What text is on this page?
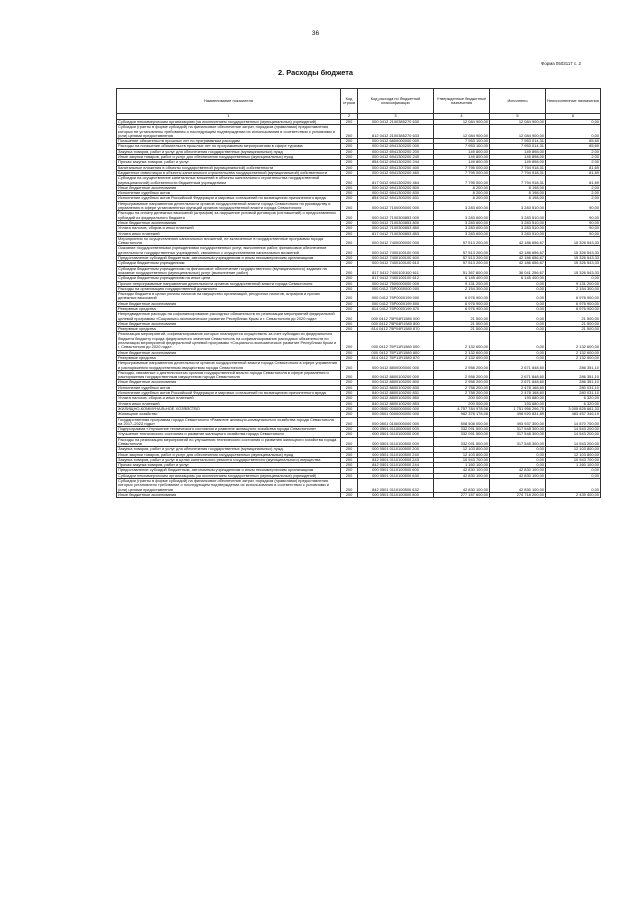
36
Форма 0503117 с. 2
2. Расходы бюджета
Наименование показателя	Код строки	Код расхода по бюджетной классификации	Утвержденные бюджетные назначения	Исполнено	Неисполненные назначения
1	2	3	4	5	6
Субсидии некоммерческим организациям (за исключением государственных (муниципальных) учреждений)	200	000 0412 2100385270 630	12 084 900,00	12 084 900,00	0,00
Субсидии (гранты в форме субсидий) на финансовое обеспечение затрат, порядком (правилами) предоставления которых не установлены требования о последующем подтверждении их использования в соответствии с условиями и (или) целями предоставления	200	812 0412 2100385270 633	12 084 900,00	12 084 900,00	0,00
Погашение обязательств прошлых лет по программным расходам	200	000 0412 6800000000 000	7 953 100,00	7 953 014,31	85,69
Расходы на погашение обязательств прошлых лет по программным мероприятиям в сфере туризма	200	000 0412 6941300200 000	7 953 100,00	7 953 014,31	85,69
Закупка товаров, работ и услуг для обеспечения государственных (муниципальных) нужд	200	000 0412 6941300200 200	149 800,00	149 898,00	2,00
Иные закупки товаров, работ и услуг для обеспечения государственных (муниципальных) нужд	200	000 0412 6941300200 240	149 800,00	149 898,00	2,00
Прочая закупка товаров, работ и услуг	200	854 0412 6941300200 244	149 800,00	149 898,00	2,00
Капитальные вложения в объекты государственной (муниципальной) собственности	200	000 0412 6941300200 400	7 795 000,00	7 794 918,31	81,69
Бюджетные инвестиции в объекты капитального строительства государственной (муниципальной) собственности	200	000 0412 6941300200 460	7 795 000,00	7 794 918,31	81,69
Субсидии на осуществление капитальных вложений в объекты капитального строительства государственной (муниципальной) собственности бюджетным учреждениям	200	817 0412 6941300200 464	7 795 000,00	7 794 918,31	81,69
Иные бюджетные ассигнования	200	000 0412 6941300200 800	8 200,00	8 198,00	2,00
Исполнение судебных актов	200	000 0412 6941300200 830	8 200,00	8 198,00	2,00
Исполнение судебных актов Российской Федерации и мировых соглашений по возмещению причиненного вреда	200	854 0412 6941300200 831	8 200,00	8 198,00	2,00
Непрограммные направления деятельности органов государственной власти города Севастополя по руководству и управлению в сфере установленных функций органов государственной власти города Севастополя	200	000 0412 7100000000 000	3 283 600,00	3 283 510,00	90,00
Расходы на оплату денежных взысканий (штрафов) за нарушение условий договоров (соглашений) о предоставлении субсидий из федерального бюджета	200	000 0412 7100300853 000	3 283 600,00	3 283 510,00	90,00
Иные бюджетные ассигнования	200	000 0412 7100300853 800	3 283 600,00	3 283 510,00	90,00
Уплата налогов, сборов и иных платежей	200	000 0412 7100300853 850	3 283 600,00	3 283 510,00	90,00
Уплата иных платежей	200	817 0412 7100300853 853	3 283 600,00	3 283 510,00	90,00
Мероприятия по осуществлению капитальных вложений, не включенные в государственные программы города Севастополя	200	000 0412 7400000000 000	57 513 200,00	42 186 656,67	15 326 543,33
Оказание государственными учреждениями государственных услуг, выполнение работ, финансовое обеспечение деятельности государственных учреждений, связанных с осуществлением капитальных вложений	200	000 0412 7400100100 000	57 513 200,00	42 186 656,67	15 326 543,33
Предоставление субсидий бюджетным, автономным учреждениям и иным некоммерческим организациям	200	000 0412 7400100100 600	57 513 200,00	42 186 656,67	15 326 543,33
Субсидии бюджетным учреждениям	200	000 0412 7400100100 610	57 513 200,00	42 186 656,67	15 326 543,33
Субсидии бюджетным учреждениям на финансовое обеспечение государственного (муниципального) задания на оказание государственных (муниципальных) услуг (выполнение работ)	200	817 0412 7400100100 611	51 367 800,00	36 041 256,67	15 326 543,33
Субсидии бюджетным учреждениям на иные цели	200	817 0412 7400100100 612	6 145 400,00	6 145 400,00	0,00
Прочие непрограммные направления деятельности органов государственной власти города Севастополя	200	000 0412 7500000000 000	9 131 200,00	0,00	9 131 200,00
Расходы на организацию государственной должности	200	000 0412 75P0000000 000	2 154 300,00	0,00	2 154 300,00
Расходы бюджета в целях уплаты налогов на имущество организаций, ресурсных налогов, штрафов и прочих денежных взысканий	200	000 0412 75P0000199 000	6 976 900,00	0,00	6 976 900,00
Иные бюджетные ассигнования	200	000 0412 75P0000199 800	6 976 900,00	0,00	6 976 900,00
Резервные средства	200	814 0412 75P0000199 870	6 976 900,00	0,00	6 976 900,00
Непредвиденные расходы на софинансирование расходных обязательств по реализации мероприятий федеральной целевой программы «Социально-экономическое развитие Республики Крым и г. Севастополя до 2020 года»	200	000 0412 75P04R1580 000	21 500,00	0,00	21 500,00
Иные бюджетные ассигнования	200	000 0412 75P04R1580 800	21 500,00	0,00	21 500,00
Резервные средства	200	814 0412 75P04R1580 870	21 500,00	0,00	21 500,00
Реализация мероприятий, софинансирование которых планируется осуществить за счет субсидии из федерального бюджета бюджету города федерального значения Севастополь на софинансирование расходных обязательств по реализации мероприятий федеральной целевой программы «Социально-экономическое развитие Республики Крым и г. Севастополя до 2020 года»	200	000 0412 75P11R1580 000	2 132 600,00	0,00	2 132 600,00
Иные бюджетные ассигнования	200	000 0412 75P11R1580 800	2 132 600,00	0,00	2 132 600,00
Резервные средства	200	814 0412 75P11R1580 870	2 132 600,00	0,00	2 132 600,00
Непрограммные направления деятельности органов государственной власти города Севастополя в сфере управления и распоряжения государственным имуществом города Севастополя	200	000 0412 8800000000 000	2 958 200,00	2 671 848,60	286 351,10
Расходы, связанные с деятельностью органов государственной власти города Севастополя в сфере управления и распоряжения государственным имуществом города Севастополя	200	000 0412 8800100200 000	2 958 200,00	2 671 848,60	286 351,10
Иные бюджетные ассигнования	200	000 0412 8800100200 800	2 958 200,00	2 671 848,60	286 351,10
Исполнение судебных актов	200	000 0412 8800100200 830	2 758 200,00	2 478 168,60	280 031,10
Исполнение судебных актов Российской Федерации и мировых соглашений по возмещению причиненного вреда	200	840 0412 8800100200 831	2 758 200,00	2 478 168,60	280 031,10
Уплата налогов, сборов и иных платежей	200	000 0412 8800100200 850	200 000,00	193 680,00	6 320,00
Уплата иных платежей	200	840 0412 8800100200 853	200 000,00	193 680,00	6 320,00
ЖИЛИЩНО-КОММУНАЛЬНОЕ ХОЗЯЙСТВО	200	000 0500 0000000000 000	4 757 784 978,08	1 751 956 296,75	3 005 828 681,33
Жилищное хозяйство	200	000 0501 0000000000 000	982 378 178,08	498 920 831,89	483 457 346,19
Государственная программа города Севастополя «Развитие жилищно-коммунального хозяйства города Севастополя на 2017–2022 годы»	200	000 0501 0100000000 000	508 508 000,00	493 937 300,00	14 570 700,00
Подпрограмма «Улучшение технического состояния и развитие жилищного хозяйства города Севастополя»	200	000 0501 0110000000 000	332 091 500,00	317 548 300,00	14 543 200,00
Улучшение технического состояния и развитие жилищного хозяйства города Севастополя	200	000 0501 0110100000 000	332 091 500,00	317 548 300,00	14 543 200,00
Расходы на реализацию мероприятий по улучшению технического состояния и развитию жилищного хозяйства города Севастополя	200	000 0501 0110100500 000	332 091 500,00	317 548 300,00	14 543 200,00
Закупка товаров, работ и услуг для обеспечения государственных (муниципальных) нужд	200	000 0501 0110100500 200	12 103 800,00	0,00	12 103 800,00
Иные закупки товаров, работ и услуг для обеспечения государственных (муниципальных) нужд	200	000 0501 0110100500 240	12 103 800,00	0,00	12 103 800,00
Закупка товаров, работ и услуг в целях капитального ремонта государственного (муниципального) имущества	200	842 0501 0110100500 243	10 943 700,00	0,00	10 943 700,00
Прочая закупка товаров, работ и услуг	200	842 0501 0110100500 244	1 160 100,00	0,00	1 160 100,00
Предоставление субсидий бюджетным, автономным учреждениям и иным некоммерческим организациям	200	000 0501 0110100500 600	42 830 100,00	42 830 100,00	0,00
Субсидии некоммерческим организациям (за исключением государственных (муниципальных) учреждений)	200	000 0501 0110100500 630	42 830 100,00	42 830 100,00	0,00
Субсидии (гранты в форме субсидий) на финансовое обеспечение затрат, порядком (правилами) предоставления которых установлено требование о последующем подтверждении их использования в соответствии с условиями и (или) целями предоставления	200	842 0501 0110100500 632	42 830 100,00	42 830 100,00	0,00
Иные бюджетные ассигнования	200	000 0501 0110100500 800	277 157 600,00	274 718 200,00	2 439 400,00
